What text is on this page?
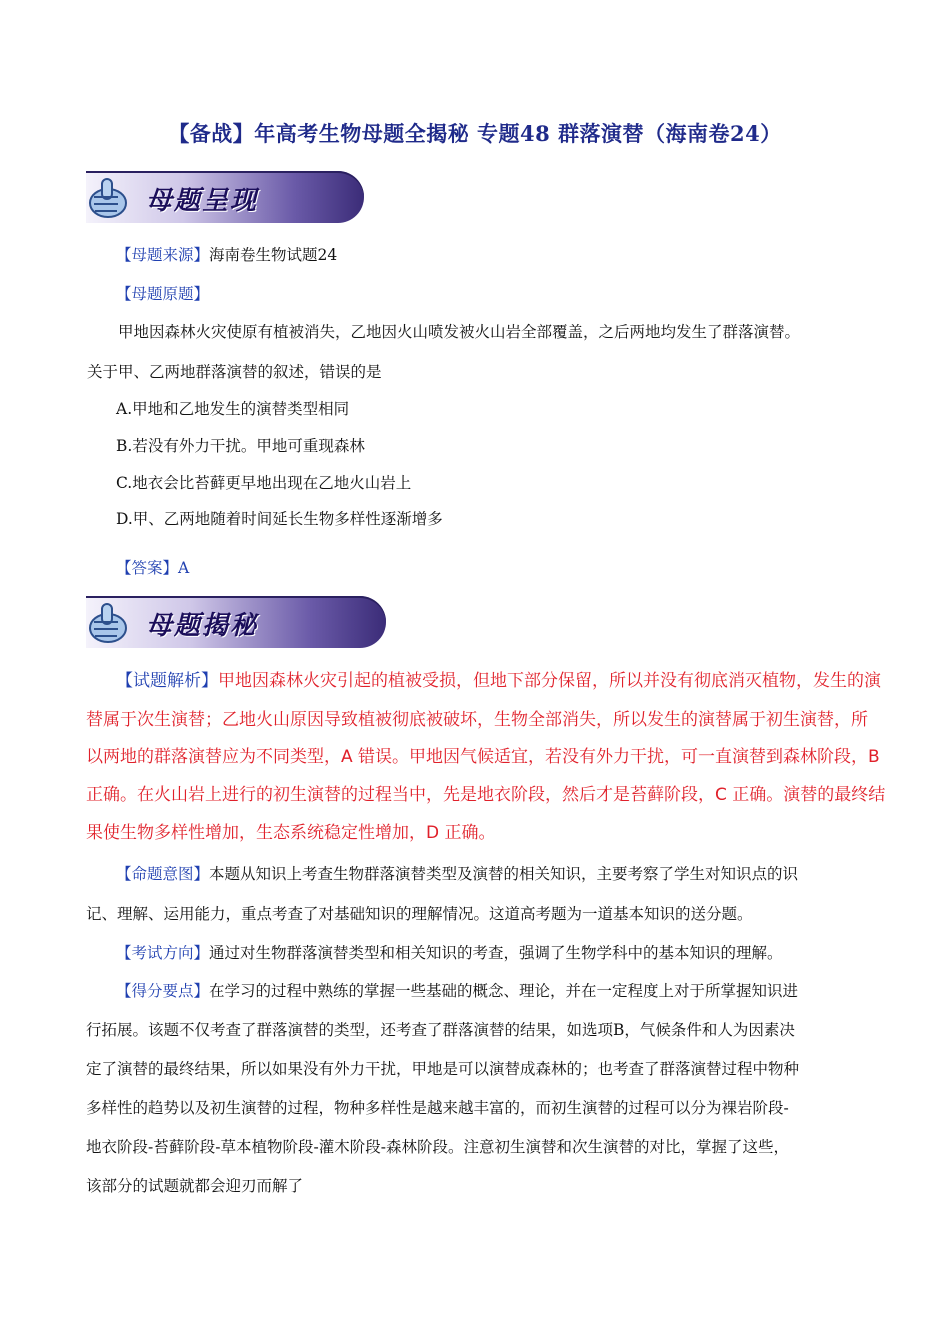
【备战】年高考生物母题全揭秘 专题48 群落演替（海南卷24）
母题呈现
【母题来源】海南卷生物试题24
【母题原题】
甲地因森林火灾使原有植被消失，乙地因火山喷发被火山岩全部覆盖，之后两地均发生了群落演替。
关于甲、乙两地群落演替的叙述，错误的是
A.甲地和乙地发生的演替类型相同
B.若没有外力干扰。甲地可重现森林
C.地衣会比苔藓更早地出现在乙地火山岩上
D.甲、乙两地随着时间延长生物多样性逐渐增多
【答案】A
母题揭秘
【试题解析】甲地因森林火灾引起的植被受损，但地下部分保留，所以并没有彻底消灭植物，发生的演
替属于次生演替；乙地火山原因导致植被彻底被破坏，生物全部消失，所以发生的演替属于初生演替，所
以两地的群落演替应为不同类型，A 错误。甲地因气候适宜，若没有外力干扰，可一直演替到森林阶段，B
正确。在火山岩上进行的初生演替的过程当中，先是地衣阶段，然后才是苔藓阶段，C 正确。演替的最终结
果使生物多样性增加，生态系统稳定性增加，D 正确。
【命题意图】本题从知识上考查生物群落演替类型及演替的相关知识，主要考察了学生对知识点的识
记、理解、运用能力，重点考查了对基础知识的理解情况。这道高考题为一道基本知识的送分题。
【考试方向】通过对生物群落演替类型和相关知识的考查，强调了生物学科中的基本知识的理解。
【得分要点】在学习的过程中熟练的掌握一些基础的概念、理论，并在一定程度上对于所掌握知识进
行拓展。该题不仅考查了群落演替的类型，还考查了群落演替的结果，如选项B，气候条件和人为因素决
定了演替的最终结果，所以如果没有外力干扰，甲地是可以演替成森林的；也考查了群落演替过程中物种
多样性的趋势以及初生演替的过程，物种多样性是越来越丰富的，而初生演替的过程可以分为裸岩阶段-
地衣阶段-苔藓阶段-草本植物阶段-灌木阶段-森林阶段。注意初生演替和次生演替的对比，掌握了这些，
该部分的试题就都会迎刃而解了
